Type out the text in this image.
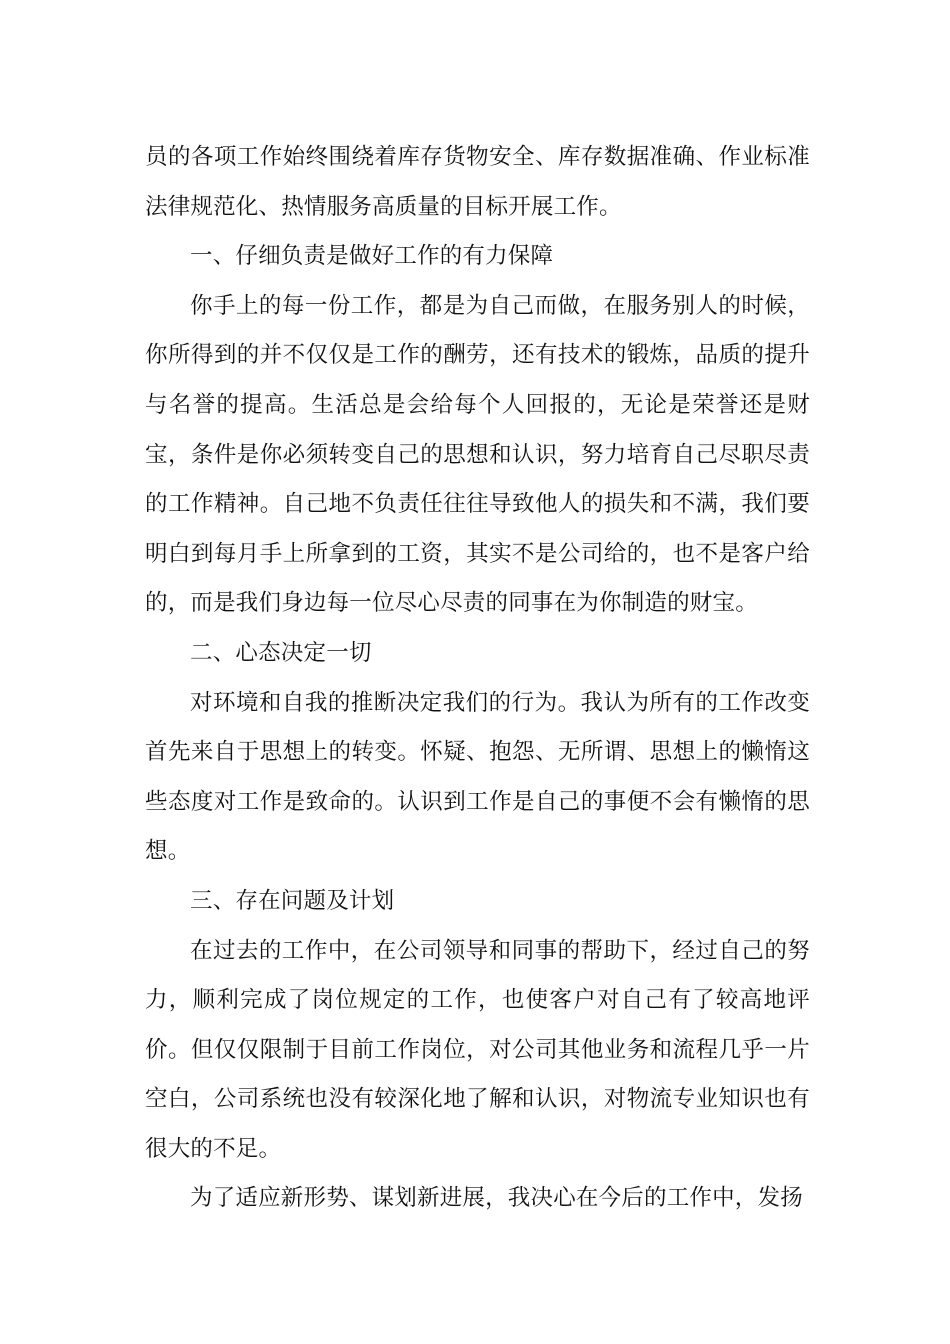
员的各项工作始终围绕着库存货物安全、库存数据准确、作业标准法律规范化、热情服务高质量的目标开展工作。

一、仔细负责是做好工作的有力保障

你手上的每一份工作，都是为自己而做，在服务别人的时候，你所得到的并不仅仅是工作的酬劳，还有技术的锻炼，品质的提升与名誉的提高。生活总是会给每个人回报的，无论是荣誉还是财宝，条件是你必须转变自己的思想和认识，努力培育自己尽职尽责的工作精神。自己地不负责任往往导致他人的损失和不满，我们要明白到每月手上所拿到的工资，其实不是公司给的，也不是客户给的，而是我们身边每一位尽心尽责的同事在为你制造的财宝。

二、心态决定一切

对环境和自我的推断决定我们的行为。我认为所有的工作改变首先来自于思想上的转变。怀疑、抱怨、无所谓、思想上的懒惰这些态度对工作是致命的。认识到工作是自己的事便不会有懒惰的思想。

三、存在问题及计划

在过去的工作中，在公司领导和同事的帮助下，经过自己的努力，顺利完成了岗位规定的工作，也使客户对自己有了较高地评价。但仅仅限制于目前工作岗位，对公司其他业务和流程几乎一片空白，公司系统也没有较深化地了解和认识，对物流专业知识也有很大的不足。

为了适应新形势、谋划新进展，我决心在今后的工作中，发扬
